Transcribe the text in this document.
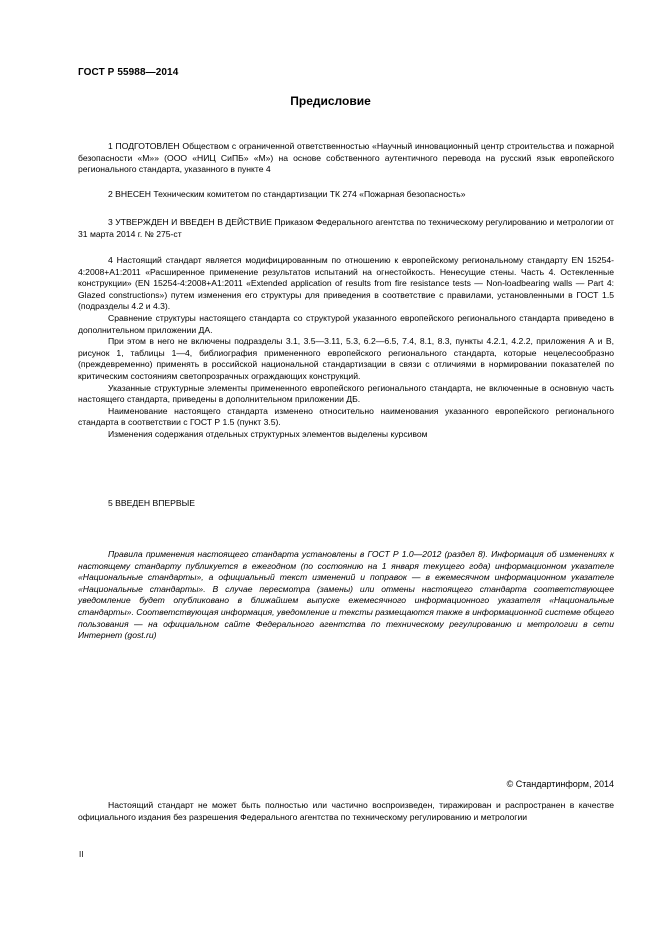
ГОСТ Р 55988—2014
Предисловие

1 ПОДГОТОВЛЕН Обществом с ограниченной ответственностью «Научный инновационный центр строительства и пожарной безопасности «М»» (ООО «НИЦ СиПБ» «М») на основе собственного аутентичного перевода на русский язык европейского регионального стандарта, указанного в пункте 4

2 ВНЕСЕН Техническим комитетом по стандартизации ТК 274 «Пожарная безопасность»

3 УТВЕРЖДЕН И ВВЕДЕН В ДЕЙСТВИЕ Приказом Федерального агентства по техническому регулированию и метрологии от 31 марта 2014 г. № 275-ст

4 Настоящий стандарт является модифицированным по отношению к европейскому региональному стандарту EN 15254-4:2008+A1:2011 «Расширенное применение результатов испытаний на огнестойкость. Ненесущие стены. Часть 4. Остекленные конструкции» (EN 15254-4:2008+A1:2011 «Extended application of results from fire resistance tests — Non-loadbearing walls — Part 4: Glazed constructions») путем изменения его структуры для приведения в соответствие с правилами, установленными в ГОСТ 1.5 (подразделы 4.2 и 4.3).

Сравнение структуры настоящего стандарта со структурой указанного европейского регионального стандарта приведено в дополнительном приложении ДА.

При этом в него не включены подразделы 3.1, 3.5—3.11, 5.3, 6.2—6.5, 7.4, 8.1, 8.3, пункты 4.2.1, 4.2.2, приложения А и В, рисунок 1, таблицы 1—4, библиография примененного европейского регионального стандарта, которые нецелесообразно (преждевременно) применять в российской национальной стандартизации в связи с отличиями в нормировании показателей по критическим состояниям светопрозрачных ограждающих конструкций.

Указанные структурные элементы примененного европейского регионального стандарта, не включенные в основную часть настоящего стандарта, приведены в дополнительном приложении ДБ.

Наименование настоящего стандарта изменено относительно наименования указанного европейского регионального стандарта в соответствии с ГОСТ Р 1.5 (пункт 3.5).

Изменения содержания отдельных структурных элементов выделены курсивом

5 ВВЕДЕН ВПЕРВЫЕ

Правила применения настоящего стандарта установлены в ГОСТ Р 1.0—2012 (раздел 8). Информация об изменениях к настоящему стандарту публикуется в ежегодном (по состоянию на 1 января текущего года) информационном указателе «Национальные стандарты», а официальный текст изменений и поправок — в ежемесячном информационном указателе «Национальные стандарты». В случае пересмотра (замены) или отмены настоящего стандарта соответствующее уведомление будет опубликовано в ближайшем выпуске ежемесячного информационного указателя «Национальные стандарты». Соответствующая информация, уведомление и тексты размещаются также в информационной системе общего пользования — на официальном сайте Федерального агентства по техническому регулированию и метрологии в сети Интернет (gost.ru)

© Стандартинформ, 2014

Настоящий стандарт не может быть полностью или частично воспроизведен, тиражирован и распространен в качестве официального издания без разрешения Федерального агентства по техническому регулированию и метрологии

II
